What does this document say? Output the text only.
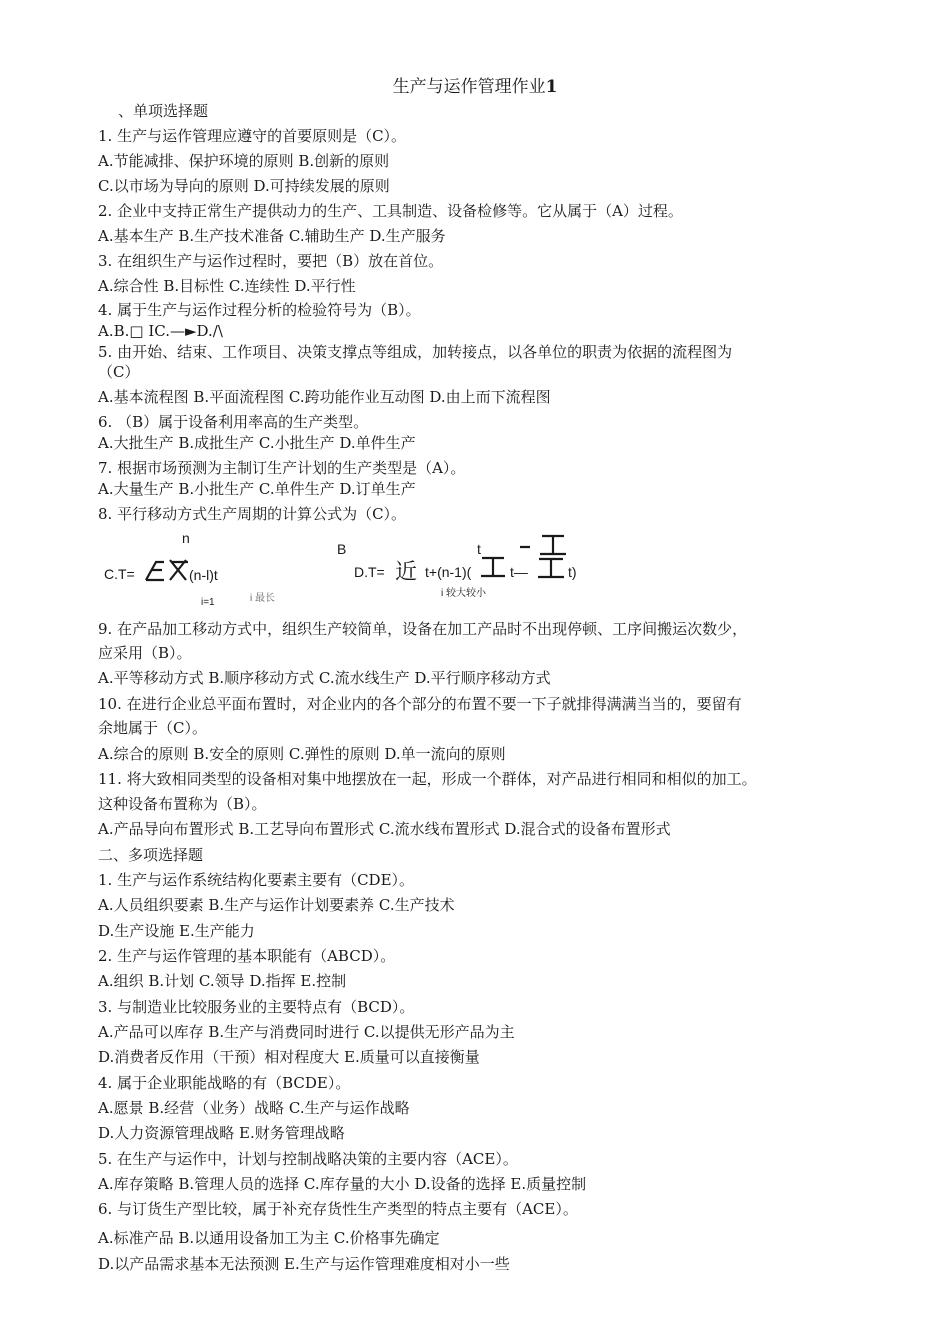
生产与运作管理作业1
、单项选择题
1. 生产与运作管理应遵守的首要原则是（C）。
A.节能减排、保护环境的原则 B.创新的原则
C.以市场为导向的原则 D.可持续发展的原则
2. 企业中支持正常生产提供动力的生产、工具制造、设备检修等。它从属于（A）过程。
A.基本生产 B.生产技术准备 C.辅助生产 D.生产服务
3. 在组织生产与运作过程时，要把（B）放在首位。
A.综合性 B.目标性 C.连续性 D.平行性
4. 属于生产与运作过程分析的检验符号为（B）。
A.B.□ IC.—►D./\
5. 由开始、结束、工作项目、决策支撑点等组成，加转接点，以各单位的职责为依据的流程图为
（C）
A.基本流程图 B.平面流程图 C.跨功能作业互动图 D.由上而下流程图
6. （B）属于设备利用率高的生产类型。
A.大批生产 B.成批生产 C.小批生产 D.单件生产
7. 根据市场预测为主制订生产计划的生产类型是（A）。
A.大量生产 B.小批生产 C.单件生产 D.订单生产
8. 平行移动方式生产周期的计算公式为（C）。
9. 在产品加工移动方式中，组织生产较简单，设备在加工产品时不出现停顿、工序间搬运次数少，
应采用（B）。
A.平等移动方式 B.顺序移动方式 C.流水线生产 D.平行顺序移动方式
10. 在进行企业总平面布置时，对企业内的各个部分的布置不要一下子就排得满满当当的，要留有
余地属于（C）。
A.综合的原则 B.安全的原则 C.弹性的原则 D.单一流向的原则
11. 将大致相同类型的设备相对集中地摆放在一起，形成一个群体，对产品进行相同和相似的加工。
这种设备布置称为（B）。
A.产品导向布置形式 B.工艺导向布置形式 C.流水线布置形式 D.混合式的设备布置形式
二、多项选择题
1. 生产与运作系统结构化要素主要有（CDE）。
A.人员组织要素 B.生产与运作计划要素养 C.生产技术
D.生产设施 E.生产能力
2. 生产与运作管理的基本职能有（ABCD）。
A.组织 B.计划 C.领导 D.指挥 E.控制
3. 与制造业比较服务业的主要特点有（BCD）。
A.产品可以库存 B.生产与消费同时进行 C.以提供无形产品为主
D.消费者反作用（干预）相对程度大 E.质量可以直接衡量
4. 属于企业职能战略的有（BCDE）。
A.愿景 B.经营（业务）战略 C.生产与运作战略
D.人力资源管理战略 E.财务管理战略
5. 在生产与运作中，计划与控制战略决策的主要内容（ACE）。
A.库存策略 B.管理人员的选择 C.库存量的大小 D.设备的选择 E.质量控制
6. 与订货生产型比较，属于补充存货性生产类型的特点主要有（ACE）。
A.标准产品 B.以通用设备加工为主 C.价格事先确定
D.以产品需求基本无法预测 E.生产与运作管理难度相对小一些
n
C.T=	(n-l)t
i 最长
i=1
B
D.T= 近 t+(n-1)(
t
t—	t)
i 较大较小
